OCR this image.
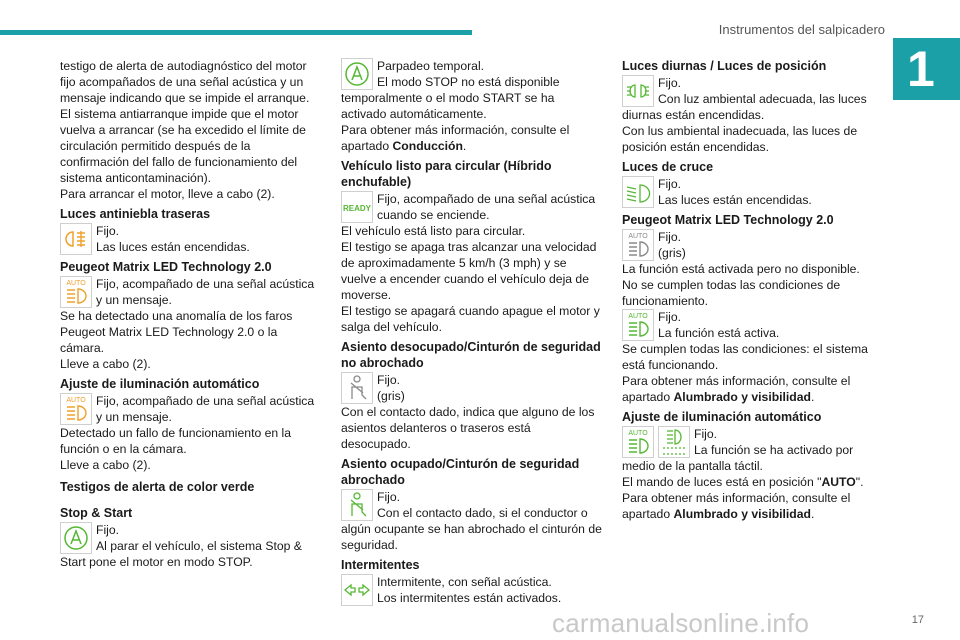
Instrumentos del salpicadero
1

testigo de alerta de autodiagnóstico del motor fijo acompañados de una señal acústica y un mensaje indicando que se impide el arranque.

El sistema antiarranque impide que el motor vuelva a arrancar (se ha excedido el límite de circulación permitido después de la confirmación del fallo de funcionamiento del sistema anticontaminación).

Para arrancar el motor, lleve a cabo (2).

Luces antiniebla traseras

Fijo.

Las luces están encendidas.

Peugeot Matrix LED Technology 2.0
AUTO Fijo, acompañado de una señal acústica y un mensaje.

Se ha detectado una anomalía de los faros Peugeot Matrix LED Technology 2.0 o la cámara.

Lleve a cabo (2).

Ajuste de iluminación automático
AUTO Fijo, acompañado de una señal acústica y un mensaje.

Detectado un fallo de funcionamiento en la función o en la cámara.

Lleve a cabo (2).

Testigos de alerta de color verde
Stop & Start

Fijo.

Al parar el vehículo, el sistema Stop & Start pone el motor en modo STOP.

Parpadeo temporal.

El modo STOP no está disponible temporalmente o el modo START se ha activado automáticamente.

Para obtener más información, consulte el apartado Conducción.

Vehículo listo para circular (Híbrido enchufable)
READY

Fijo, acompañado de una señal acústica cuando se enciende.

El vehículo está listo para circular.

El testigo se apaga tras alcanzar una velocidad de aproximadamente 5 km/h (3 mph) y se vuelve a encender cuando el vehículo deja de moverse.

El testigo se apagará cuando apague el motor y salga del vehículo.

Asiento desocupado/Cinturón de seguridad no abrochado

Fijo.

(gris)

Con el contacto dado, indica que alguno de los asientos delanteros o traseros está desocupado.

Asiento ocupado/Cinturón de seguridad abrochado

Fijo.

Con el contacto dado, si el conductor o algún ocupante se han abrochado el cinturón de seguridad.

Intermitentes

Intermitente, con señal acústica.

Los intermitentes están activados.

Luces diurnas / Luces de posición

Fijo.

Con luz ambiental adecuada, las luces diurnas están encendidas.

Con lus ambiental inadecuada, las luces de posición están encendidas.

Luces de cruce

Fijo.

Las luces están encendidas.

Peugeot Matrix LED Technology 2.0
AUTO Fijo.

(gris)

La función está activada pero no disponible.

No se cumplen todas las condiciones de funcionamiento.

AUTO Fijo.

La función está activa.

Se cumplen todas las condiciones: el sistema está funcionando.

Para obtener más información, consulte el apartado Alumbrado y visibilidad.

Ajuste de iluminación automático
AUTO	Fijo.

La función se ha activado por medio de la pantalla táctil.

El mando de luces está en posición "AUTO".

Para obtener más información, consulte el apartado Alumbrado y visibilidad.

carmanualsonline.info	17
